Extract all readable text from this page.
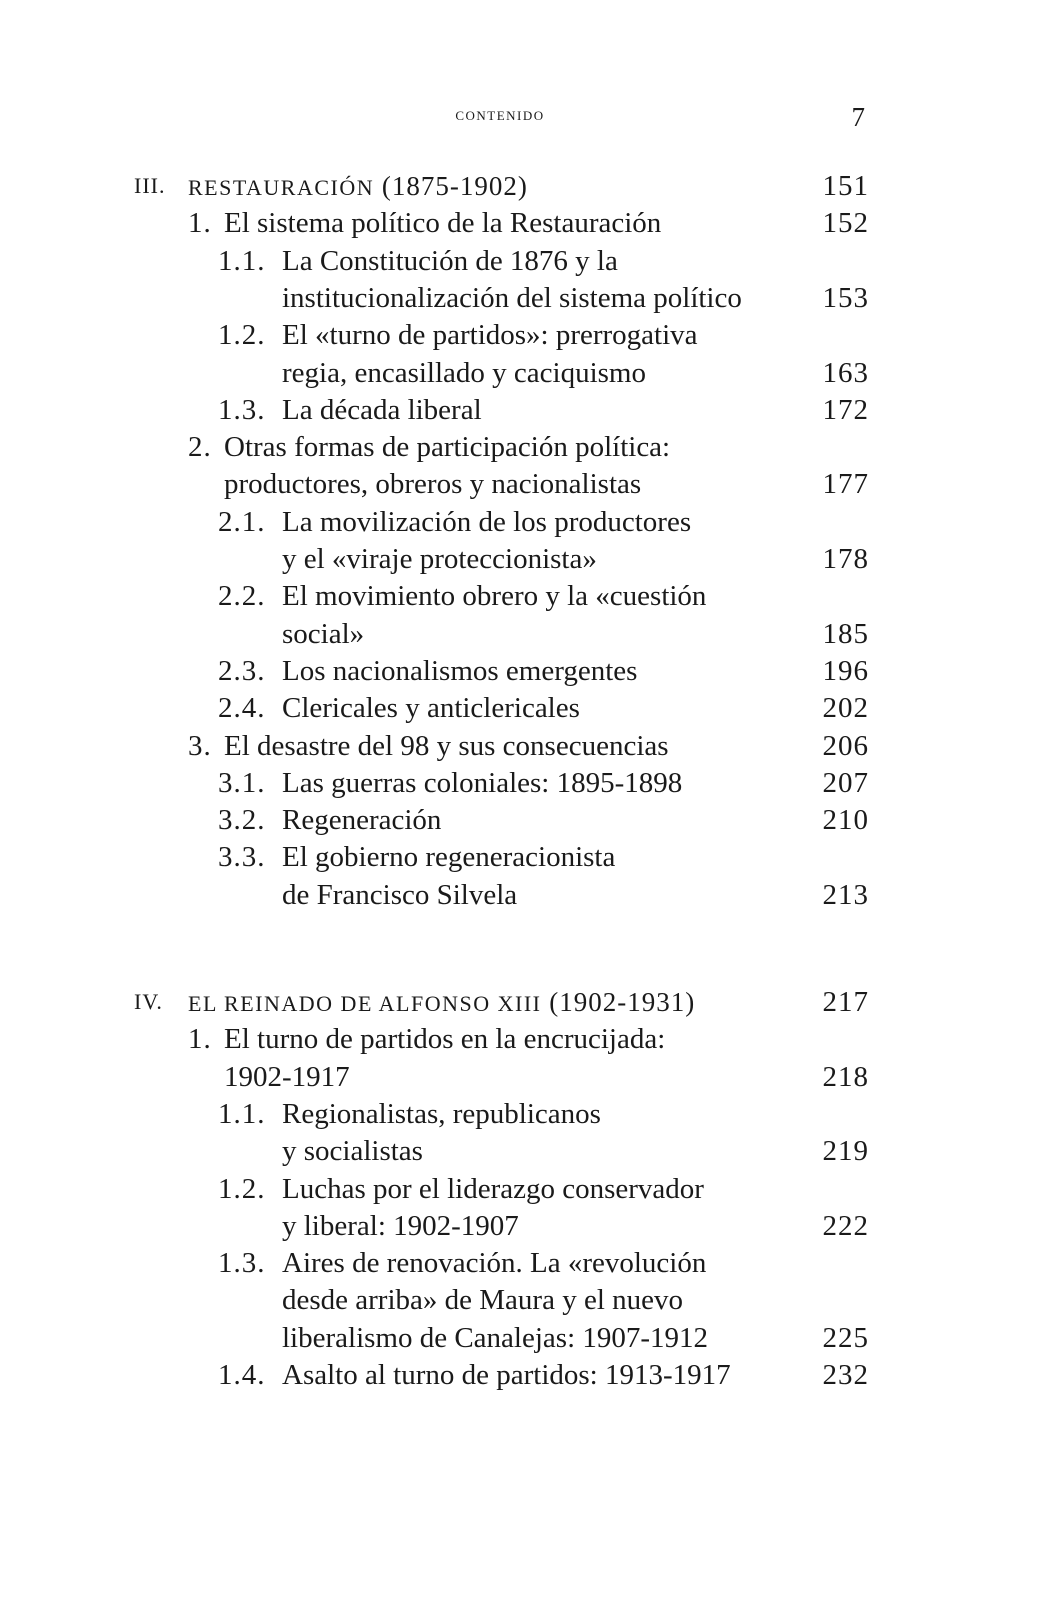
contenido	7
III. RESTAURACIÓN (1875-1902)	151
1. El sistema político de la Restauración	152
1.1. La Constitución de 1876 y la
institucionalización del sistema político	153
1.2. El «turno de partidos»: prerrogativa
regia, encasillado y caciquismo	163
1.3. La década liberal	172
2. Otras formas de participación política:
productores, obreros y nacionalistas	177
2.1. La movilización de los productores
y el «viraje proteccionista»	178
2.2. El movimiento obrero y la «cuestión
social»	185
2.3. Los nacionalismos emergentes	196
2.4. Clericales y anticlericales	202
3. El desastre del 98 y sus consecuencias	206
3.1. Las guerras coloniales: 1895-1898	207
3.2. Regeneración	210
3.3. El gobierno regeneracionista
de Francisco Silvela	213
IV. EL REINADO DE ALFONSO XIII (1902-1931)	217
1. El turno de partidos en la encrucijada:
1902-1917	218
1.1. Regionalistas, republicanos
y socialistas	219
1.2. Luchas por el liderazgo conservador
y liberal: 1902-1907	222
1.3. Aires de renovación. La «revolución
desde arriba» de Maura y el nuevo
liberalismo de Canalejas: 1907-1912	225
1.4. Asalto al turno de partidos: 1913-1917	232
